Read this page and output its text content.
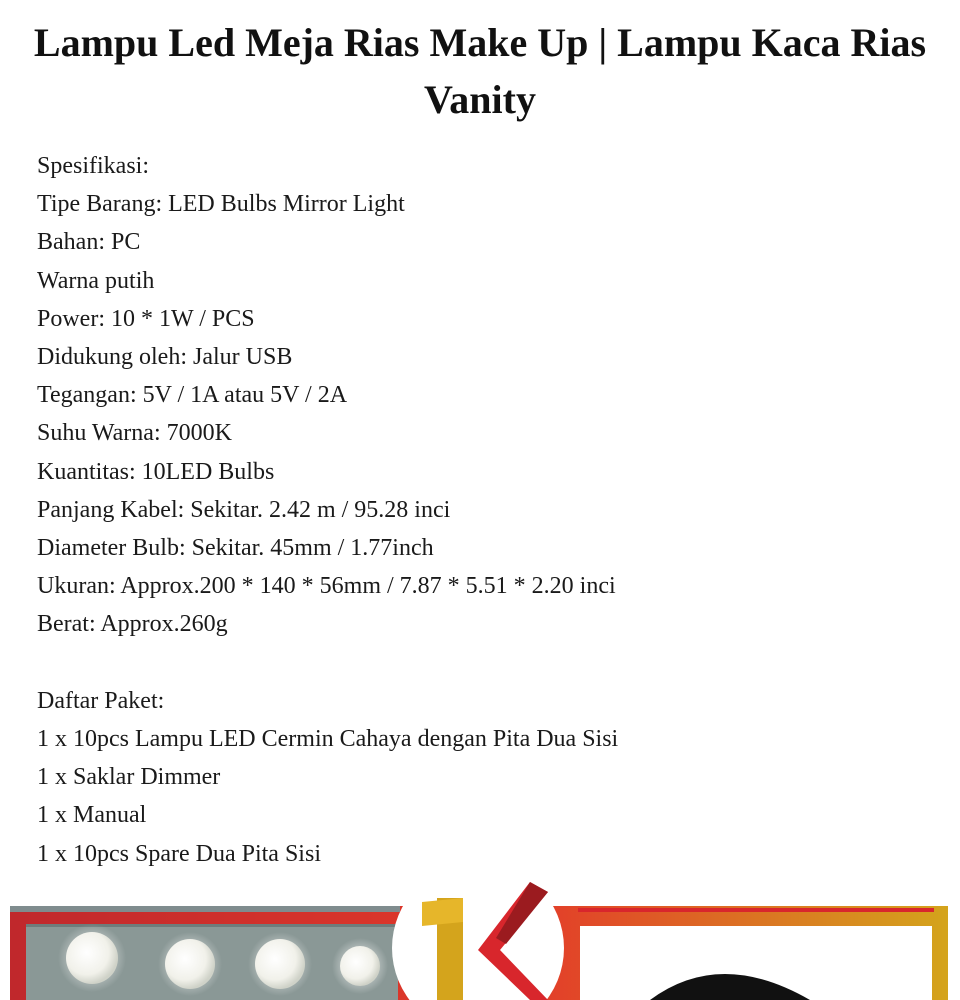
Lampu Led Meja Rias Make Up | Lampu Kaca Rias Vanity
Spesifikasi:
Tipe Barang: LED Bulbs Mirror Light
Bahan: PC
Warna putih
Power: 10 * 1W / PCS
Didukung oleh: Jalur USB
Tegangan: 5V / 1A atau 5V / 2A
Suhu Warna: 7000K
Kuantitas: 10LED Bulbs
Panjang Kabel: Sekitar. 2.42 m / 95.28 inci
Diameter Bulb: Sekitar. 45mm / 1.77inch
Ukuran: Approx.200 * 140 * 56mm / 7.87 * 5.51 * 2.20 inci
Berat: Approx.260g
Daftar Paket:
1 x 10pcs Lampu LED Cermin Cahaya dengan Pita Dua Sisi
1 x Saklar Dimmer
1 x Manual
1 x 10pcs Spare Dua Pita Sisi
